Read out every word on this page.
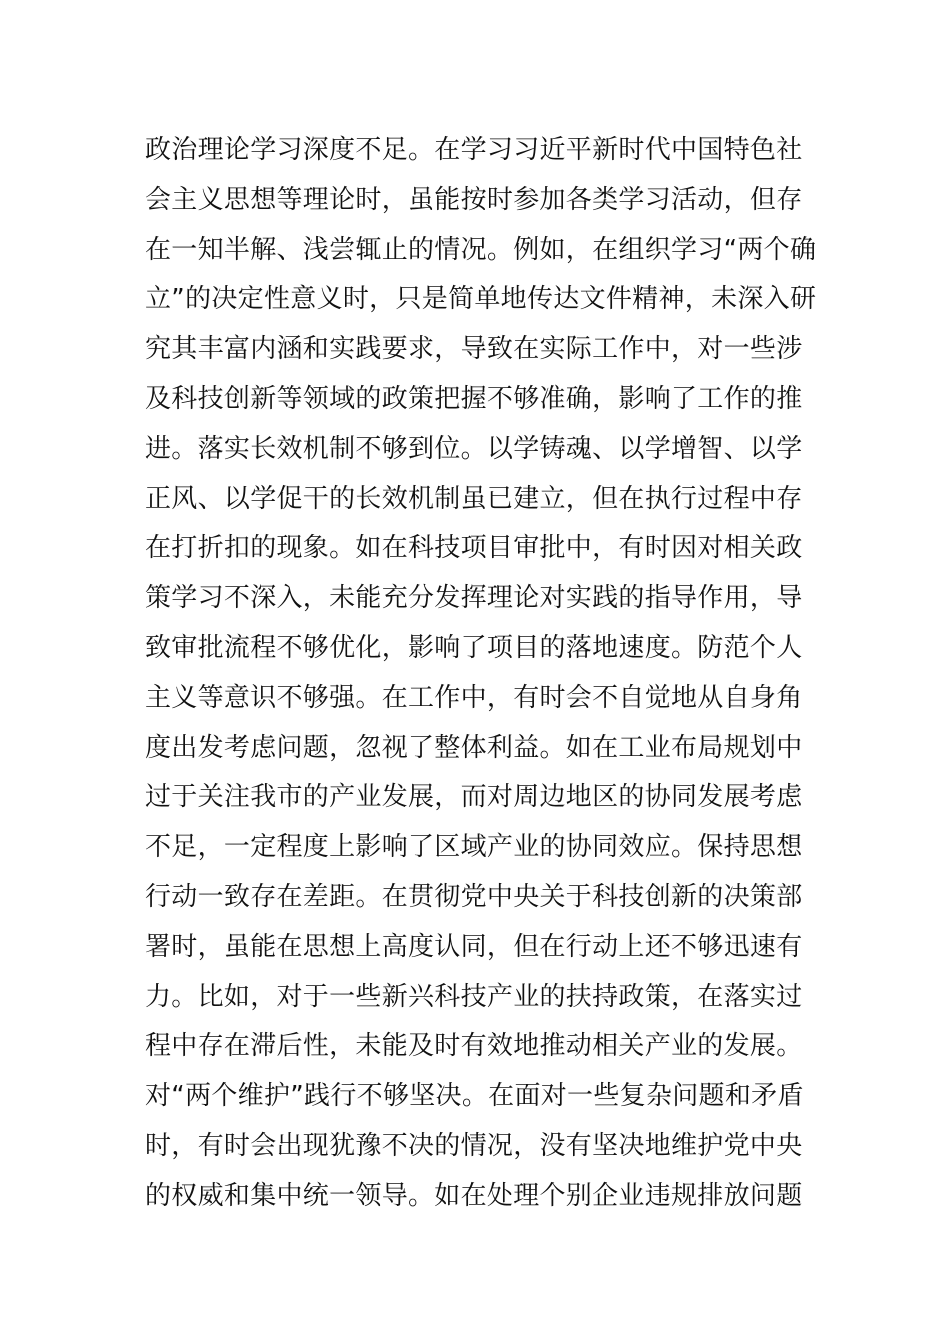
政治理论学习深度不足。在学习习近平新时代中国特色社
会主义思想等理论时，虽能按时参加各类学习活动，但存
在一知半解、浅尝辄止的情况。例如，在组织学习“两个确
立”的决定性意义时，只是简单地传达文件精神，未深入研
究其丰富内涵和实践要求，导致在实际工作中，对一些涉
及科技创新等领域的政策把握不够准确，影响了工作的推
进。落实长效机制不够到位。以学铸魂、以学增智、以学
正风、以学促干的长效机制虽已建立，但在执行过程中存
在打折扣的现象。如在科技项目审批中，有时因对相关政
策学习不深入，未能充分发挥理论对实践的指导作用，导
致审批流程不够优化，影响了项目的落地速度。防范个人
主义等意识不够强。在工作中，有时会不自觉地从自身角
度出发考虑问题，忽视了整体利益。如在工业布局规划中
过于关注我市的产业发展，而对周边地区的协同发展考虑
不足，一定程度上影响了区域产业的协同效应。保持思想
行动一致存在差距。在贯彻党中央关于科技创新的决策部
署时，虽能在思想上高度认同，但在行动上还不够迅速有
力。比如，对于一些新兴科技产业的扶持政策，在落实过
程中存在滞后性，未能及时有效地推动相关产业的发展。
对“两个维护”践行不够坚决。在面对一些复杂问题和矛盾
时，有时会出现犹豫不决的情况，没有坚决地维护党中央
的权威和集中统一领导。如在处理个别企业违规排放问题
